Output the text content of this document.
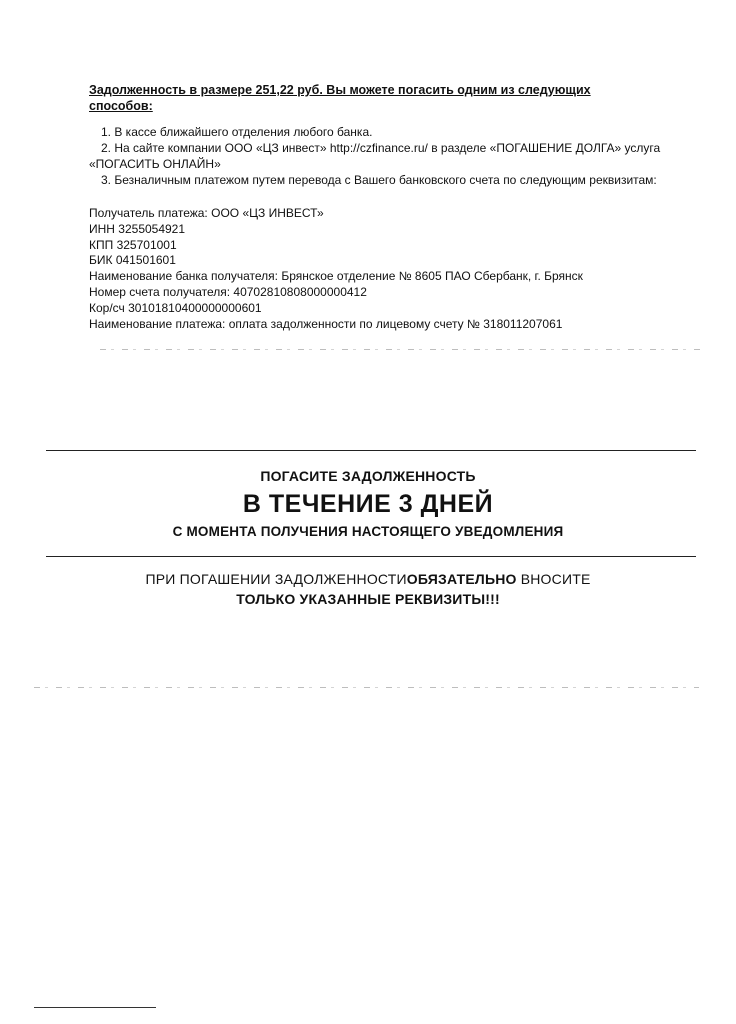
Задолженность в размере 251,22 руб. Вы можете погасить одним из следующих способов:
1. В кассе ближайшего отделения любого банка.
2. На сайте компании ООО «ЦЗ инвест» http://czfinance.ru/ в разделе «ПОГАШЕНИЕ ДОЛГА» услуга
«ПОГАСИТЬ ОНЛАЙН»
3. Безналичным платежом путем перевода с Вашего банковского счета по следующим реквизитам:
Получатель платежа: ООО «ЦЗ ИНВЕСТ»
ИНН 3255054921
КПП 325701001
БИК 041501601
Наименование банка получателя: Брянское отделение № 8605 ПАО Сбербанк, г. Брянск
Номер счета получателя: 40702810808000000412
Кор/сч 30101810400000000601
Наименование платежа: оплата задолженности по лицевому счету № 318011207061
ПОГАСИТЕ ЗАДОЛЖЕННОСТЬ
В ТЕЧЕНИЕ 3 ДНЕЙ
С МОМЕНТА ПОЛУЧЕНИЯ НАСТОЯЩЕГО УВЕДОМЛЕНИЯ
ПРИ ПОГАШЕНИИ ЗАДОЛЖЕННОСТИОБЯЗАТЕЛЬНО ВНОСИТЕ
ТОЛЬКО УКАЗАННЫЕ РЕКВИЗИТЫ!!!
